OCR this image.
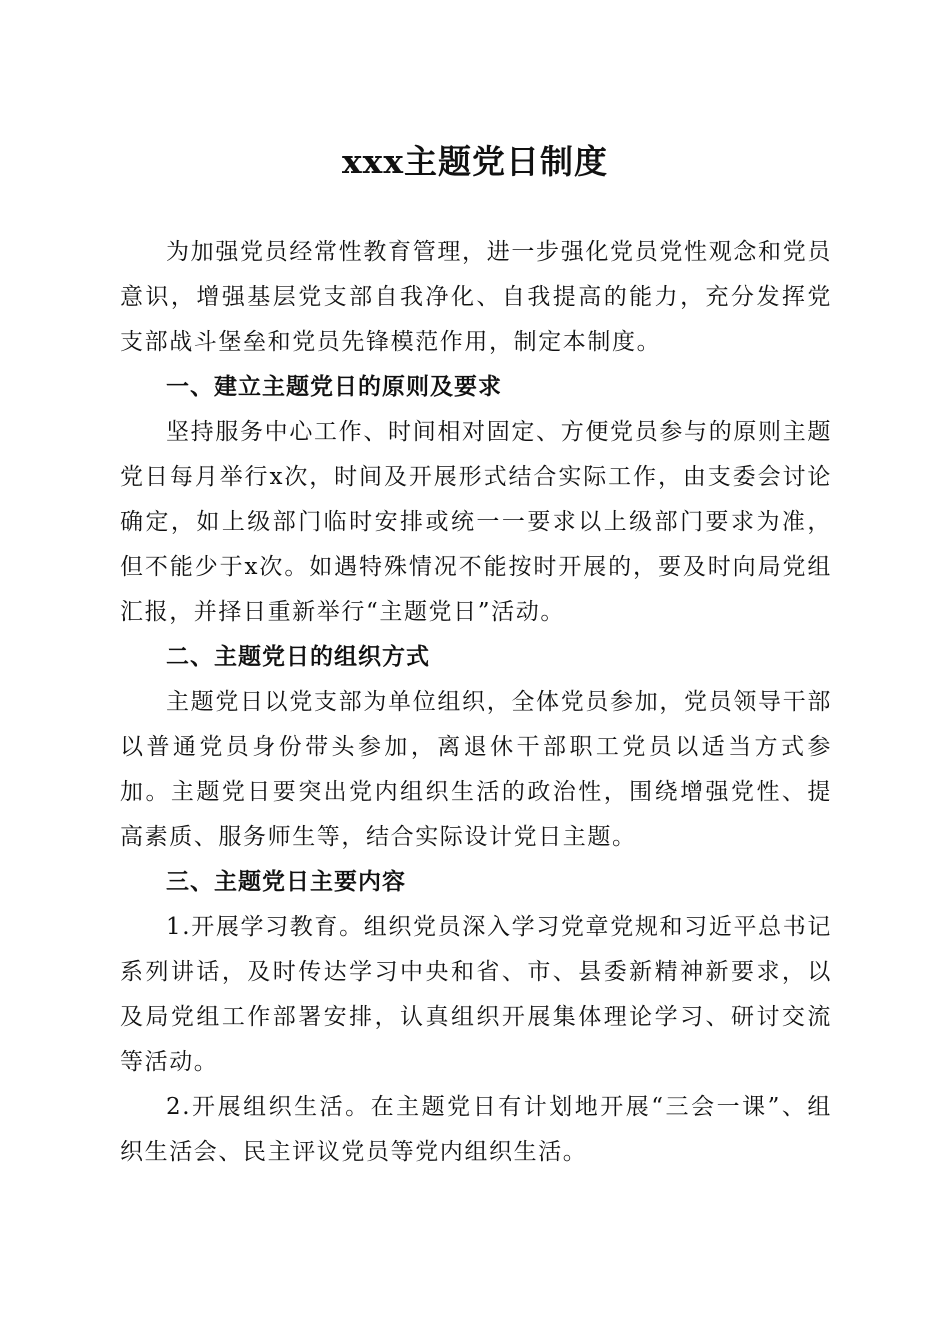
xxx主题党日制度

为加强党员经常性教育管理，进一步强化党员党性观念和党员意识，增强基层党支部自我净化、自我提高的能力，充分发挥党支部战斗堡垒和党员先锋模范作用，制定本制度。

一、建立主题党日的原则及要求

坚持服务中心工作、时间相对固定、方便党员参与的原则主题党日每月举行x次，时间及开展形式结合实际工作，由支委会讨论确定，如上级部门临时安排或统一一要求以上级部门要求为准，但不能少于x次。如遇特殊情况不能按时开展的，要及时向局党组汇报，并择日重新举行“主题党日”活动。

二、主题党日的组织方式

主题党日以党支部为单位组织，全体党员参加，党员领导干部以普通党员身份带头参加，离退休干部职工党员以适当方式参加。主题党日要突出党内组织生活的政治性，围绕增强党性、提高素质、服务师生等，结合实际设计党日主题。

三、主题党日主要内容

1.开展学习教育。组织党员深入学习党章党规和习近平总书记系列讲话，及时传达学习中央和省、市、县委新精神新要求，以及局党组工作部署安排，认真组织开展集体理论学习、研讨交流等活动。

2.开展组织生活。在主题党日有计划地开展“三会一课”、组织生活会、民主评议党员等党内组织生活。
